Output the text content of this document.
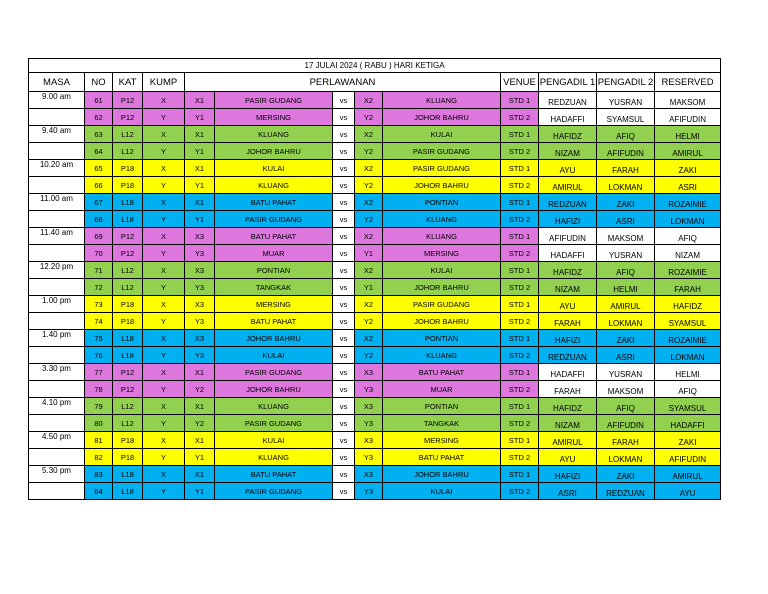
17 JULAI 2024 ( RABU ) HARI KETIGA												
MASA	NO	KAT	KUMP	PERLAWANAN					VENUE	PENGADIL 1	PENGADIL 2	RESERVED
9.00 am	61	P12	X	X1	PASIR GUDANG	vs	X2	KLUANG	STD 1	REDZUAN	YUSRAN	MAKSOM
	62	P12	Y	Y1	MERSING	vs	Y2	JOHOR BAHRU	STD 2	HADAFFI	SYAMSUL	AFIFUDIN
9.40 am	63	L12	X	X1	KLUANG	vs	X2	KULAI	STD 1	HAFIDZ	AFIQ	HELMI
	64	L12	Y	Y1	JOHOR BAHRU	vs	Y2	PASIR GUDANG	STD 2	NIZAM	AFIFUDIN	AMIRUL
10.20 am	65	P18	X	X1	KULAI	vs	X2	PASIR GUDANG	STD 1	AYU	FARAH	ZAKI
	66	P18	Y	Y1	KLUANG	vs	Y2	JOHOR BAHRU	STD 2	AMIRUL	LOKMAN	ASRI
11.00 am	67	L18	X	X1	BATU PAHAT	vs	X2	PONTIAN	STD 1	REDZUAN	ZAKI	ROZAIMIE
	68	L18	Y	Y1	PASIR GUDANG	vs	Y2	KLUANG	STD 2	HAFIZI	ASRI	LOKMAN
11.40 am	69	P12	X	X3	BATU PAHAT	vs	X2	KLUANG	STD 1	AFIFUDIN	MAKSOM	AFIQ
	70	P12	Y	Y3	MUAR	vs	Y1	MERSING	STD 2	HADAFFI	YUSRAN	NIZAM
12.20 pm	71	L12	X	X3	PONTIAN	vs	X2	KULAI	STD 1	HAFIDZ	AFIQ	ROZAIMIE
	72	L12	Y	Y3	TANGKAK	vs	Y1	JOHOR BAHRU	STD 2	NIZAM	HELMI	FARAH
1.00 pm	73	P18	X	X3	MERSING	vs	X2	PASIR GUDANG	STD 1	AYU	AMIRUL	HAFIDZ
	74	P18	Y	Y3	BATU PAHAT	vs	Y2	JOHOR BAHRU	STD 2	FARAH	LOKMAN	SYAMSUL
1.40 pm	75	L18	X	X3	JOHOR BAHRU	vs	X2	PONTIAN	STD 1	HAFIZI	ZAKI	ROZAIMIE
	76	L18	Y	Y3	KULAI	vs	Y2	KLUANG	STD 2	REDZUAN	ASRI	LOKMAN
3.30 pm	77	P12	X	X1	PASIR GUDANG	vs	X3	BATU PAHAT	STD 1	HADAFFI	YUSRAN	HELMI
	78	P12	Y	Y2	JOHOR BAHRU	vs	Y3	MUAR	STD 2	FARAH	MAKSOM	AFIQ
4.10 pm	79	L12	X	X1	KLUANG	vs	X3	PONTIAN	STD 1	HAFIDZ	AFIQ	SYAMSUL
	80	L12	Y	Y2	PASIR GUDANG	vs	Y3	TANGKAK	STD 2	NIZAM	AFIFUDIN	HADAFFI
4.50 pm	81	P18	X	X1	KULAI	vs	X3	MERSING	STD 1	AMIRUL	FARAH	ZAKI
	82	P18	Y	Y1	KLUANG	vs	Y3	BATU PAHAT	STD 2	AYU	LOKMAN	AFIFUDIN
5.30 pm	83	L18	X	X1	BATU PAHAT	vs	X3	JOHOR BAHRU	STD 1	HAFIZI	ZAKI	AMIRUL
	84	L18	Y	Y1	PASIR GUDANG	vs	Y3	KULAI	STD 2	ASRI	REDZUAN	AYU
